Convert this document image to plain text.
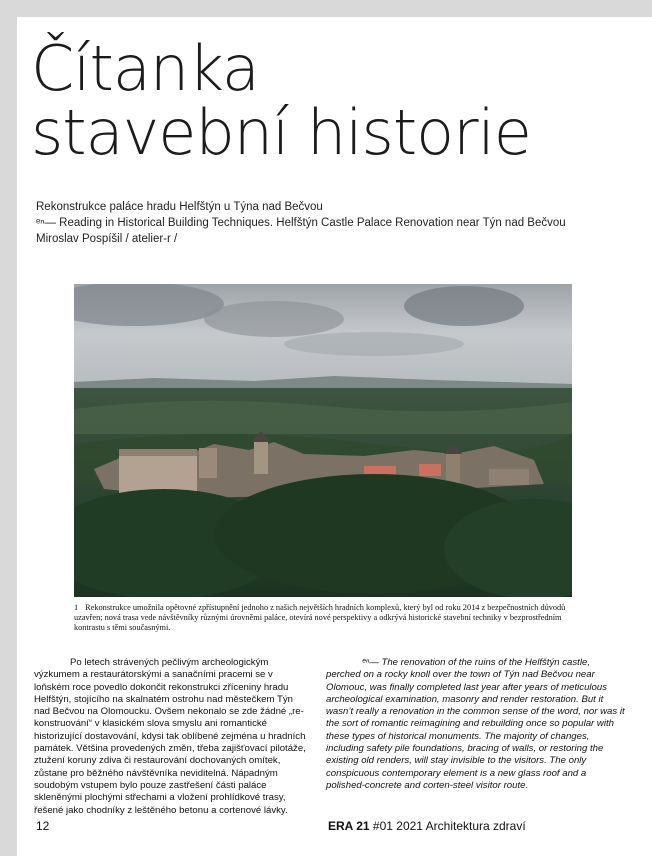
Čítanka
stavební historie
Rekonstrukce paláce hradu Helfštýn u Týna nad Bečvou
ᵉⁿ— Reading in Historical Building Techniques. Helfštýn Castle Palace Renovation near Týn nad Bečvou
Miroslav Pospíšil / atelier-r /
1 Rekonstrukce umožnila opětovné zpřístupnění jednoho z našich největších hradních komplexů, který byl od roku 2014 z bezpečnostních důvodů uzavřen; nová trasa vede návštěvníky různými úrovněmi paláce, otevírá nové perspektivy a odkrývá historické stavební techniky v bezprostředním kontrastu s těmi současnými.

Po letech strávených pečlivým archeologickým výzkumem a restaurátorskými a sanačními pracemi se v loňském roce povedlo dokončit rekonstrukci zříceniny hradu Helfštýn, stojícího na skalnatém ostrohu nad městečkem Týn nad Bečvou na Olomoucku. Ovšem nekonalo se zde žádné „re-konstruování“ v klasickém slova smyslu ani romantické historizující dostavování, kdysi tak oblíbené zejména u hradních památek. Většina provedených změn, třeba zajišťovací pilotáže, ztužení koruny zdiva či restaurování dochovaných omítek, zůstane pro běžného návštěvníka neviditelná. Nápadným soudobým vstupem bylo pouze zastřešení části paláce skleněnými plochými střechami a vložení prohlídkové trasy, řešené jako chodníky z leštěného betonu a cortenové lávky.

ᵉⁿ— The renovation of the ruins of the Helfštýn castle, perched on a rocky knoll over the town of Týn nad Bečvou near Olomouc, was finally completed last year after years of meticulous archeological examination, masonry and render restoration. But it wasn’t really a renovation in the common sense of the word, nor was it the sort of romantic reimagining and rebuilding once so popular with these types of historical monuments. The majority of changes, including safety pile foundations, bracing of walls, or restoring the existing old renders, will stay invisible to the visitors. The only conspicuous contemporary element is a new glass roof and a polished-concrete and corten-steel visitor route.

12	ERA 21 #01 2021 Architektura zdraví
